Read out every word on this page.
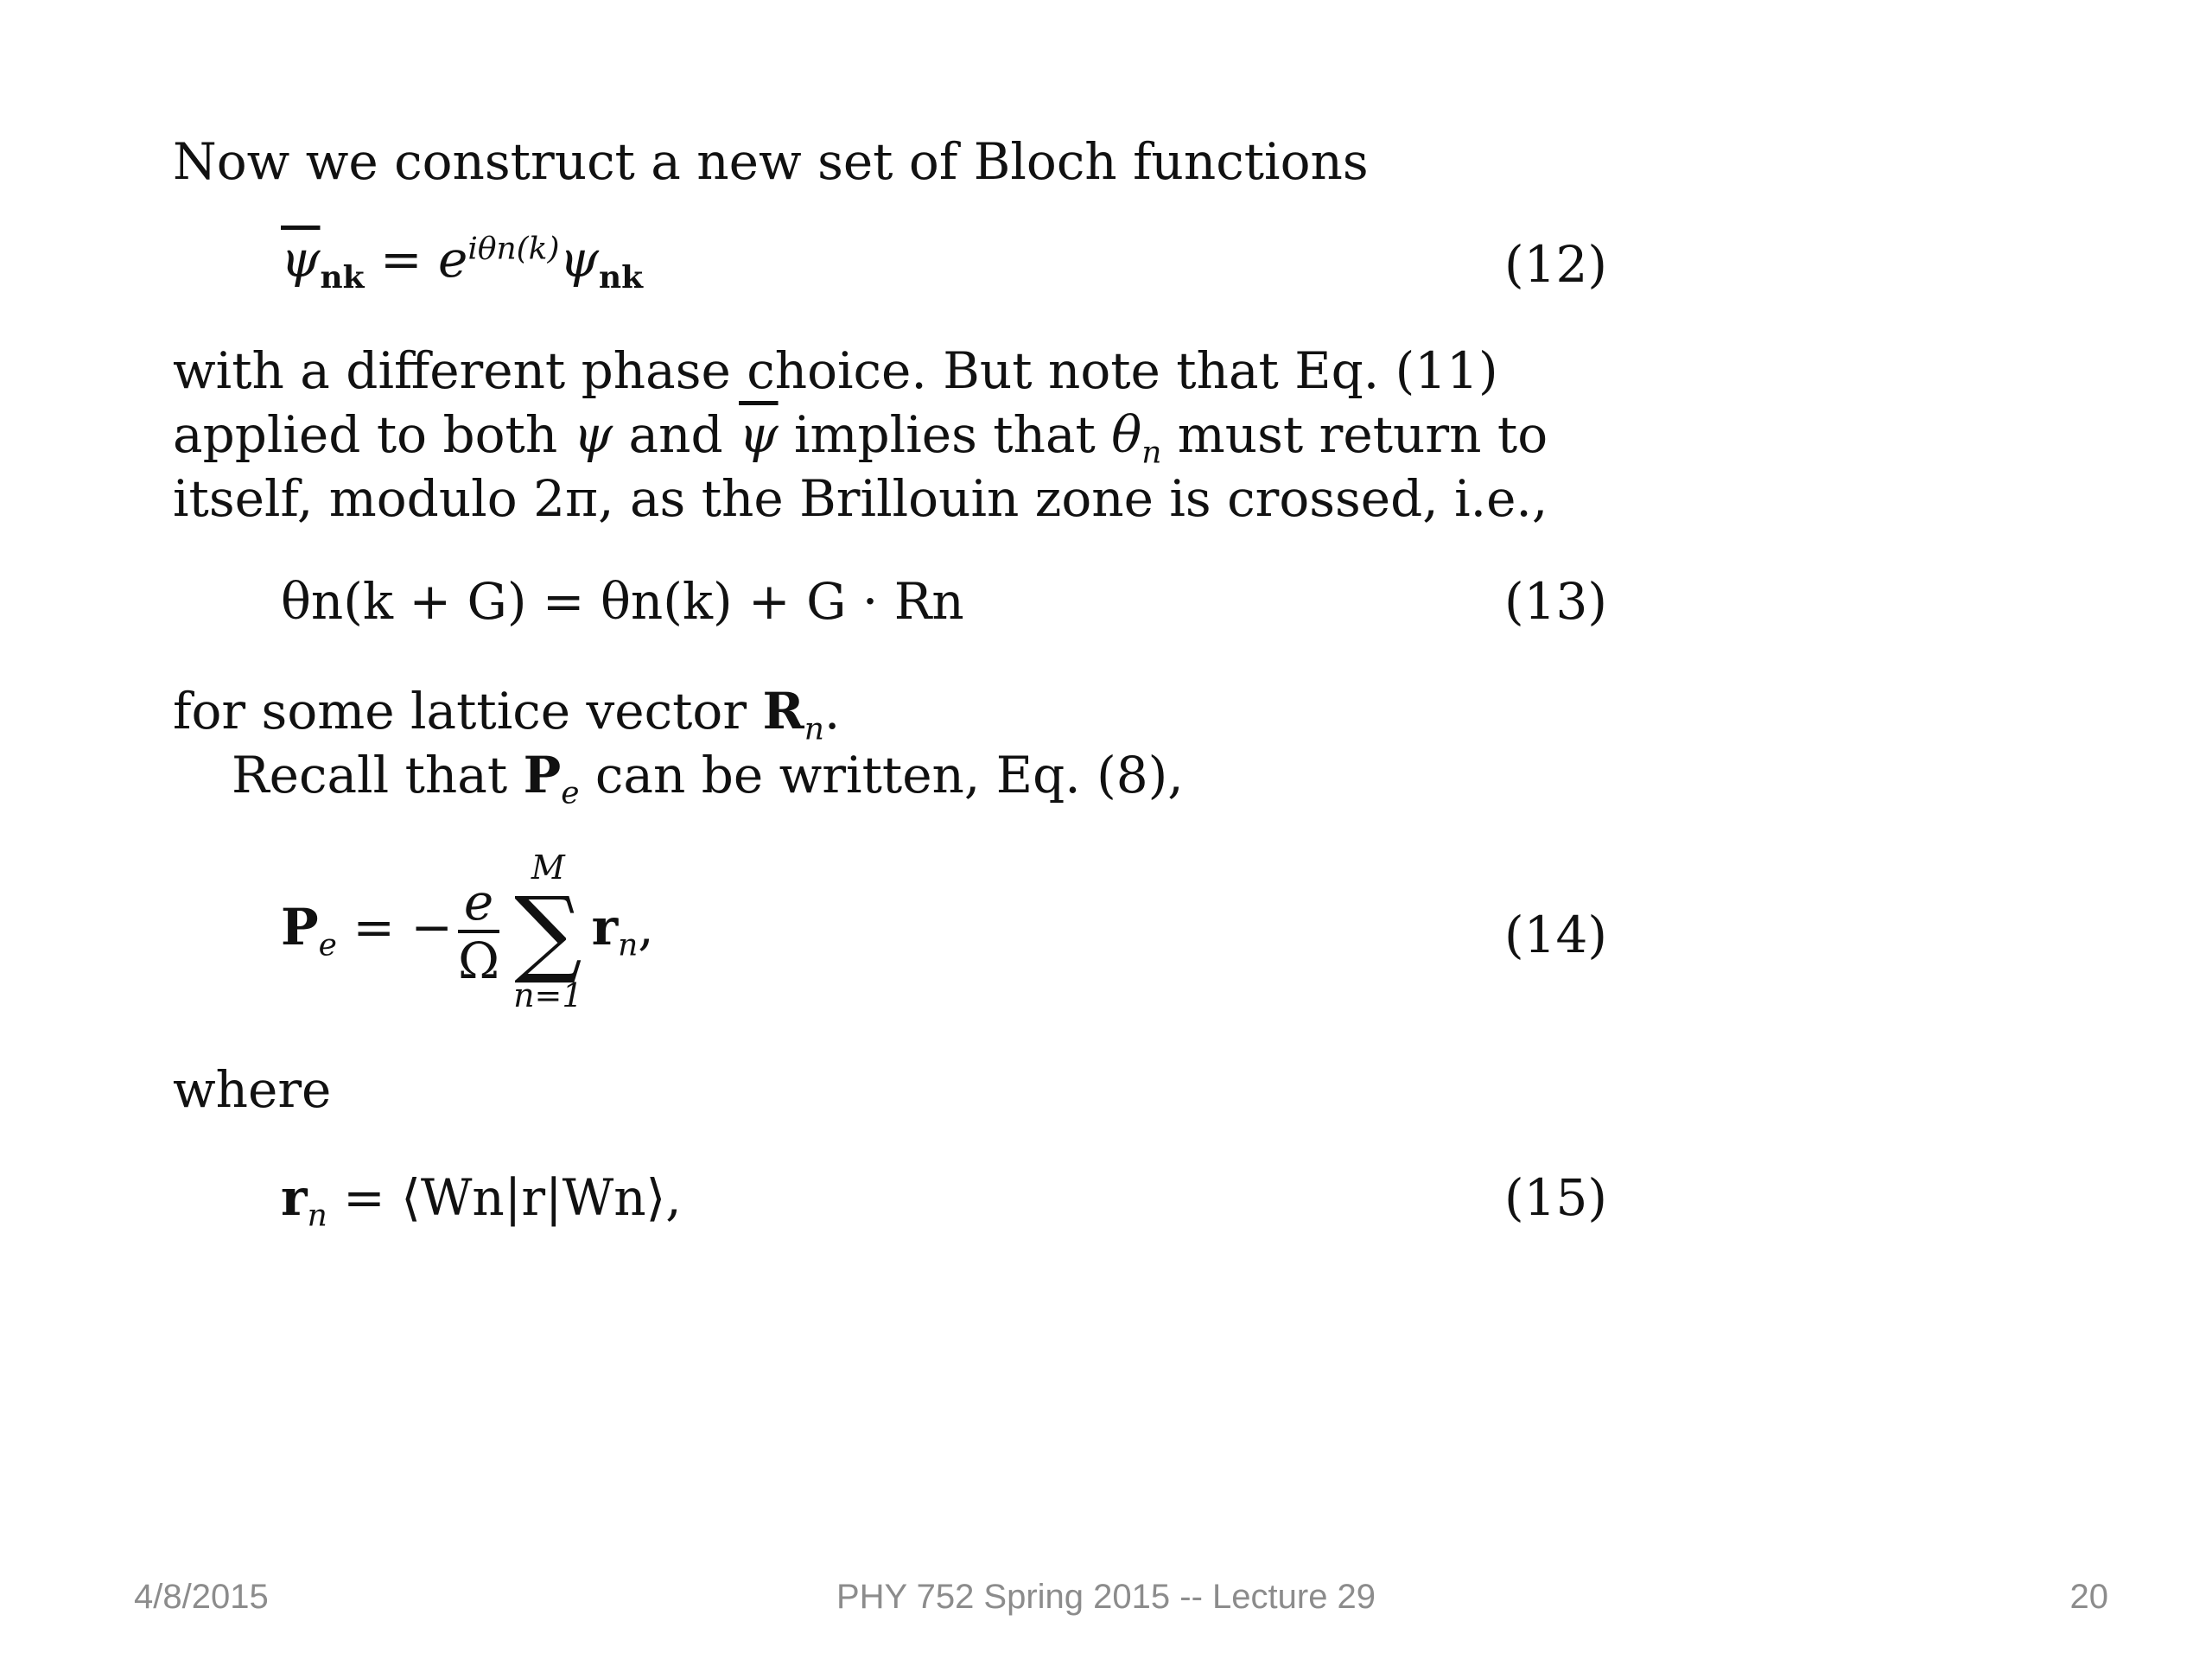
Now we construct a new set of Bloch functions
$\overline{\psi}_{nk} = e^{i\theta n(k)}\psi_{nk}$	(12)
with a different phase choice. But note that Eq. (11)
applied to both ψ and $\overline{\psi}$ implies that $\theta_n$ must return to
itself, modulo 2π, as the Brillouin zone is crossed, i.e.,
θn(k + G) = θn(k) + G · Rn	(13)
for some lattice vector $R_n$.
Recall that $P_e$ can be written, Eq. (8),
$P_e$ = − $\frac{e}{\Omega}$
M
∑
n=1
$r_n$,	(14)
where
$r_n$ = ⟨Wn|r|Wn⟩,	(15)
4/8/2015	PHY 752 Spring 2015 -- Lecture 29	20
